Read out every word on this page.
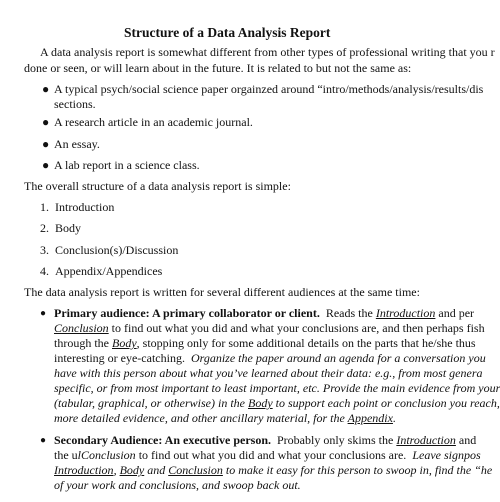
Structure of a Data Analysis Report
A data analysis report is somewhat different from other types of professional writing that you r
done or seen, or will learn about in the future. It is related to but not the same as:
● A typical psych/social science paper orgainzed around “intro/methods/analysis/results/dis
sections.
● A research article in an academic journal.
● An essay.
● A lab report in a science class.
The overall structure of a data analysis report is simple:
1.  Introduction
2.  Body
3.  Conclusion(s)/Discussion
4.  Appendix/Appendices
The data analysis report is written for several different audiences at the same time:
● Primary audience: A primary collaborator or client. Reads the Introduction and per
Conclusion to find out what you did and what your conclusions are, and then perhaps fish
through the Body, stopping only for some additional details on the parts that he/she thus
interesting or eye-catching. Organize the paper around an agenda for a conversation you
have with this person about what you’ve learned about their data: e.g., from most genera
specific, or from most important to least important, etc. Provide the main evidence from your
(tabular, graphical, or otherwise) in the Body to support each point or conclusion you reach,
more detailed evidence, and other ancillary material, for the Appendix.
● Secondary Audience: An executive person. Probably only skims the Introduction and
the ulConclusion to find out what you did and what your conclusions are. Leave signpos
Introduction, Body and Conclusion to make it easy for this person to swoop in, find the “he
of your work and conclusions, and swoop back out.
